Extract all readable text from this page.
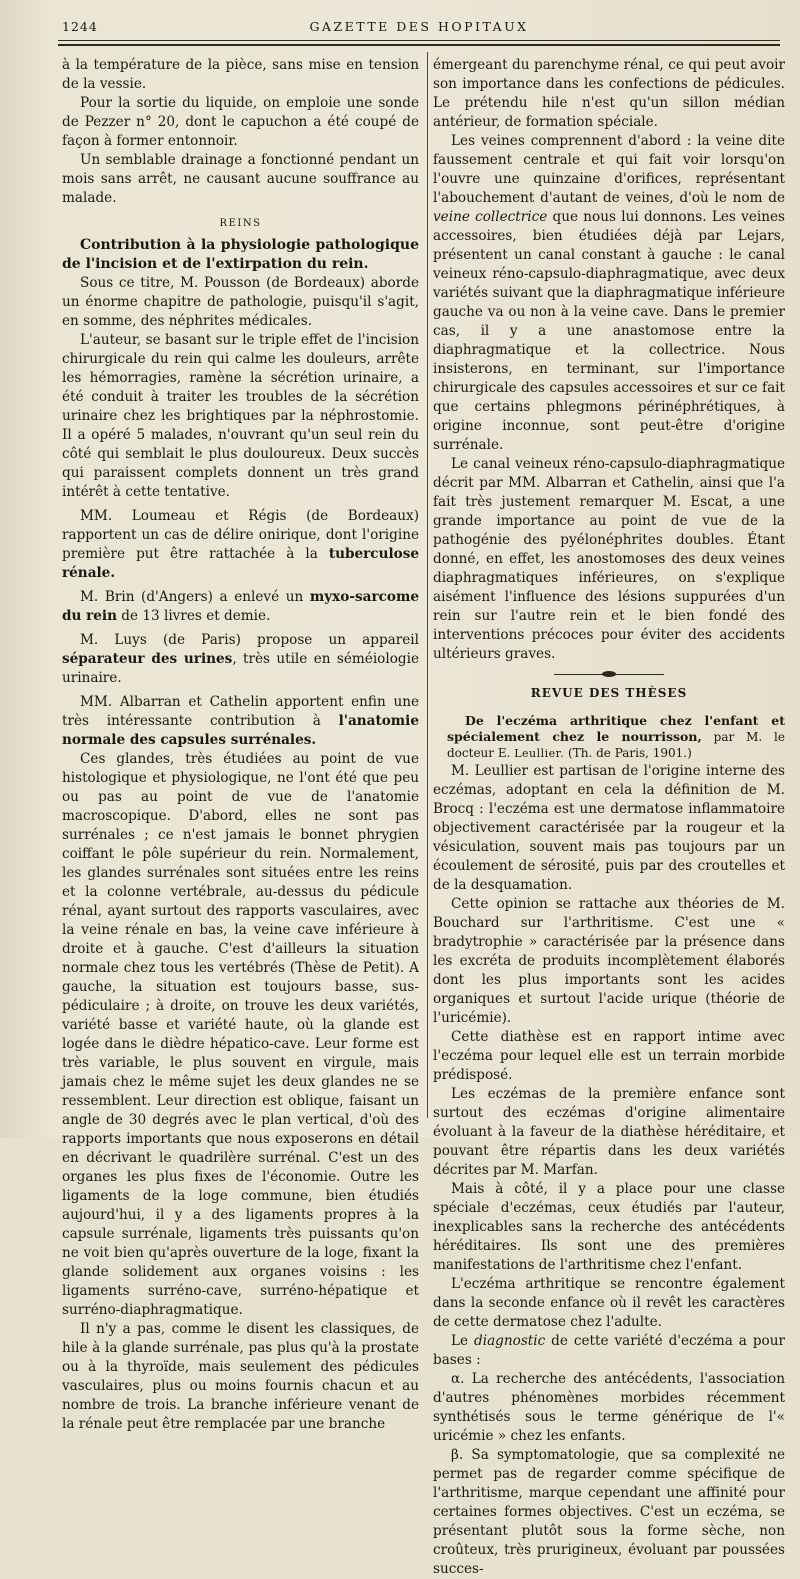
1244	GAZETTE DES HOPITAUX

à la température de la pièce, sans mise en tension de la vessie.

Pour la sortie du liquide, on emploie une sonde de Pezzer n° 20, dont le capuchon a été coupé de façon à former entonnoir.

Un semblable drainage a fonctionné pendant un mois sans arrêt, ne causant aucune souffrance au malade.

REINS

Contribution à la physiologie pathologique de l'incision et de l'extirpation du rein.

Sous ce titre, M. Pousson (de Bordeaux) aborde un énorme chapitre de pathologie, puisqu'il s'agit, en somme, des néphrites médicales.

L'auteur, se basant sur le triple effet de l'incision chirurgicale du rein qui calme les douleurs, arrête les hémorragies, ramène la sécrétion urinaire, a été conduit à traiter les troubles de la sécrétion urinaire chez les brightiques par la néphrostomie. Il a opéré 5 malades, n'ouvrant qu'un seul rein du côté qui semblait le plus douloureux. Deux succès qui paraissent complets donnent un très grand intérêt à cette tentative.

MM. Loumeau et Régis (de Bordeaux) rapportent un cas de délire onirique, dont l'origine première put être rattachée à la tuberculose rénale.

M. Brin (d'Angers) a enlevé un myxo-sarcome du rein de 13 livres et demie.

M. Luys (de Paris) propose un appareil séparateur des urines, très utile en séméiologie urinaire.

MM. Albarran et Cathelin apportent enfin une très intéressante contribution à l'anatomie normale des capsules surrénales.

Ces glandes, très étudiées au point de vue histologique et physiologique, ne l'ont été que peu ou pas au point de vue de l'anatomie macroscopique. D'abord, elles ne sont pas surrénales ; ce n'est jamais le bonnet phrygien coiffant le pôle supérieur du rein. Normalement, les glandes surrénales sont situées entre les reins et la colonne vertébrale, au-dessus du pédicule rénal, ayant surtout des rapports vasculaires, avec la veine rénale en bas, la veine cave inférieure à droite et à gauche. C'est d'ailleurs la situation normale chez tous les vertébrés (Thèse de Petit). A gauche, la situation est toujours basse, sus-pédiculaire ; à droite, on trouve les deux variétés, variété basse et variété haute, où la glande est logée dans le dièdre hépatico-cave. Leur forme est très variable, le plus souvent en virgule, mais jamais chez le même sujet les deux glandes ne se ressemblent. Leur direction est oblique, faisant un angle de 30 degrés avec le plan vertical, d'où des rapports importants que nous exposerons en détail en décrivant le quadrilère surrénal. C'est un des organes les plus fixes de l'économie. Outre les ligaments de la loge commune, bien étudiés aujourd'hui, il y a des ligaments propres à la capsule surrénale, ligaments très puissants qu'on ne voit bien qu'après ouverture de la loge, fixant la glande solidement aux organes voisins : les ligaments surréno-cave, surréno-hépatique et surréno-diaphragmatique.

Il n'y a pas, comme le disent les classiques, de hile à la glande surrénale, pas plus qu'à la prostate ou à la thyroïde, mais seulement des pédicules vasculaires, plus ou moins fournis chacun et au nombre de trois. La branche inférieure venant de la rénale peut être remplacée par une branche

émergeant du parenchyme rénal, ce qui peut avoir son importance dans les confections de pédicules. Le prétendu hile n'est qu'un sillon médian antérieur, de formation spéciale.

Les veines comprennent d'abord : la veine dite faussement centrale et qui fait voir lorsqu'on l'ouvre une quinzaine d'orifices, représentant l'abouchement d'autant de veines, d'où le nom de veine collectrice que nous lui donnons. Les veines accessoires, bien étudiées déjà par Lejars, présentent un canal constant à gauche : le canal veineux réno-capsulo-diaphragmatique, avec deux variétés suivant que la diaphragmatique inférieure gauche va ou non à la veine cave. Dans le premier cas, il y a une anastomose entre la diaphragmatique et la collectrice. Nous insisterons, en terminant, sur l'importance chirurgicale des capsules accessoires et sur ce fait que certains phlegmons périnéphrétiques, à origine inconnue, sont peut-être d'origine surrénale.

Le canal veineux réno-capsulo-diaphragmatique décrit par MM. Albarran et Cathelin, ainsi que l'a fait très justement remarquer M. Escat, a une grande importance au point de vue de la pathogénie des pyélonéphrites doubles. Étant donné, en effet, les anostomoses des deux veines diaphragmatiques inférieures, on s'explique aisément l'influence des lésions suppurées d'un rein sur l'autre rein et le bien fondé des interventions précoces pour éviter des accidents ultérieurs graves.

REVUE DES THÈSES

De l'eczéma arthritique chez l'enfant et spécialement chez le nourrisson, par M. le docteur E. Leullier. (Th. de Paris, 1901.)

M. Leullier est partisan de l'origine interne des eczémas, adoptant en cela la définition de M. Brocq : l'eczéma est une dermatose inflammatoire objectivement caractérisée par la rougeur et la vésiculation, souvent mais pas toujours par un écoulement de sérosité, puis par des croutelles et de la desquamation.

Cette opinion se rattache aux théories de M. Bouchard sur l'arthritisme. C'est une « bradytrophie » caractérisée par la présence dans les excréta de produits incomplètement élaborés dont les plus importants sont les acides organiques et surtout l'acide urique (théorie de l'uricémie).

Cette diathèse est en rapport intime avec l'eczéma pour lequel elle est un terrain morbide prédisposé.

Les eczémas de la première enfance sont surtout des eczémas d'origine alimentaire évoluant à la faveur de la diathèse héréditaire, et pouvant être répartis dans les deux variétés décrites par M. Marfan.

Mais à côté, il y a place pour une classe spéciale d'eczémas, ceux étudiés par l'auteur, inexplicables sans la recherche des antécédents héréditaires. Ils sont une des premières manifestations de l'arthritisme chez l'enfant.

L'eczéma arthritique se rencontre également dans la seconde enfance où il revêt les caractères de cette dermatose chez l'adulte.

Le diagnostic de cette variété d'eczéma a pour bases :

α. La recherche des antécédents, l'association d'autres phénomènes morbides récemment synthétisés sous le terme générique de l'« uricémie » chez les enfants.

β. Sa symptomatologie, que sa complexité ne permet pas de regarder comme spécifique de l'arthritisme, marque cependant une affinité pour certaines formes objectives. C'est un eczéma, se présentant plutôt sous la forme sèche, non croûteux, très prurigineux, évoluant par poussées succes-
